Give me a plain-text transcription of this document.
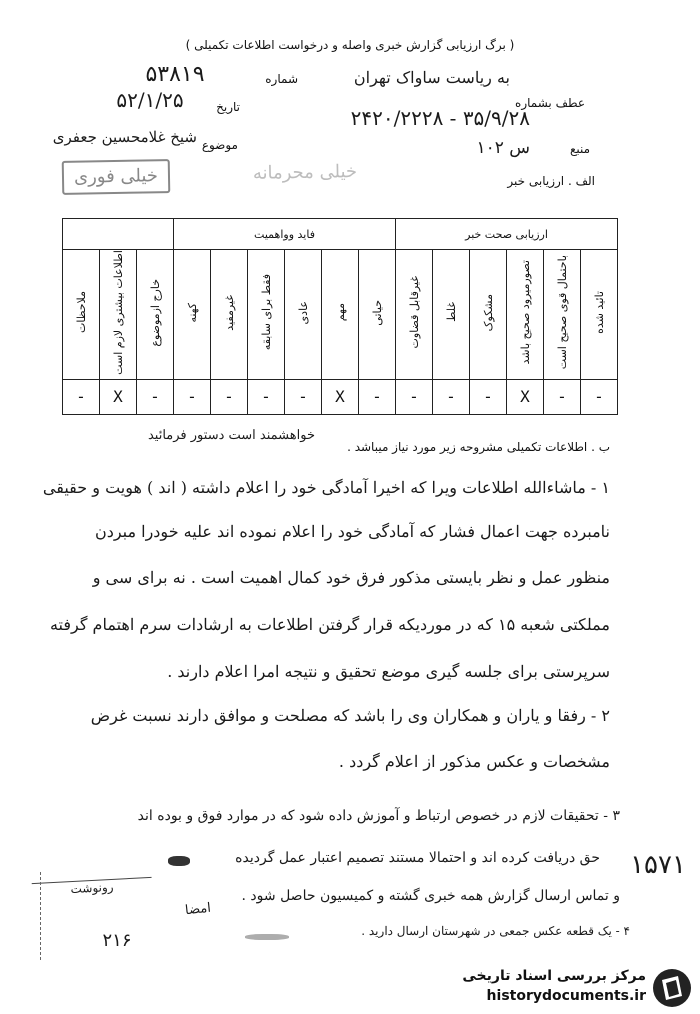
( برگ ارزیابی گزارش خبری واصله و درخواست اطلاعات تکمیلی )
به ریاست ساواک تهران
عطف بشماره
۳۵/۹/۲۸ - ۲۴۲۰/۲۲۲۸
منبع
س ۱۰۲
الف . ارزیابی خبر
شماره
۵۳۸۱۹
تاریخ
۵۲/۱/۲۵
موضوع
شیخ غلامحسین جعفری
خیلی فوری	خیلی محرمانه
ارزیابی صحت خبر						فاید وواهمیت								
تائید شده	باحتمال قوی صحیح است	تصورمیرود صحیح باشد	مشکوک	غلط	غیرقابل قضاوت	حیاتی	مهم	عادی	فقط برای سابقه	غیرمفید	کهنه	خارج ازموضوع	اطلاعات بیشتری لازم است	ملاحظات
-	-	X	-	-	-	-	X	-	-	-	-	-	X	-
ب . اطلاعات تکمیلی مشروحه زیر مورد نیاز میباشد .
خواهشمند است دستور فرمائید
۱ - ماشاءالله اطلاعات ویرا که اخیرا آمادگی خود را اعلام داشته ( اند ) هویت و حقیقی
نامبرده جهت اعمال فشار که آمادگی خود را اعلام نموده اند علیه خودرا مبردن
منظور عمل و نظر بایستی مذکور فرق خود کمال اهمیت است . نه برای سی و
مملکتی شعبه ۱۵ که در موردیکه قرار گرفتن اطلاعات به ارشادات سرم اهتمام گرفته
سرپرستی برای جلسه گیری موضع تحقیق و نتیجه امرا اعلام دارند .
۲ - رفقا و یاران و همکاران وی را باشد که مصلحت و موافق دارند نسبت غرض
مشخصات و عکس مذکور از اعلام گردد .
۳ - تحقیقات لازم در خصوص ارتباط و آموزش داده شود که در موارد فوق و بوده اند
حق دریافت کرده اند و احتمالا مستند تصمیم اعتبار عمل گردیده
و تماس ارسال گزارش همه خبری گشته و کمیسیون حاصل شود .
۴ - یک قطعه عکس جمعی در شهرستان ارسال دارید .
رونوشت
۲۱۶
امضا
۱۵۷۱
مرکز بررسی اسناد تاریخی
historydocuments.ir
